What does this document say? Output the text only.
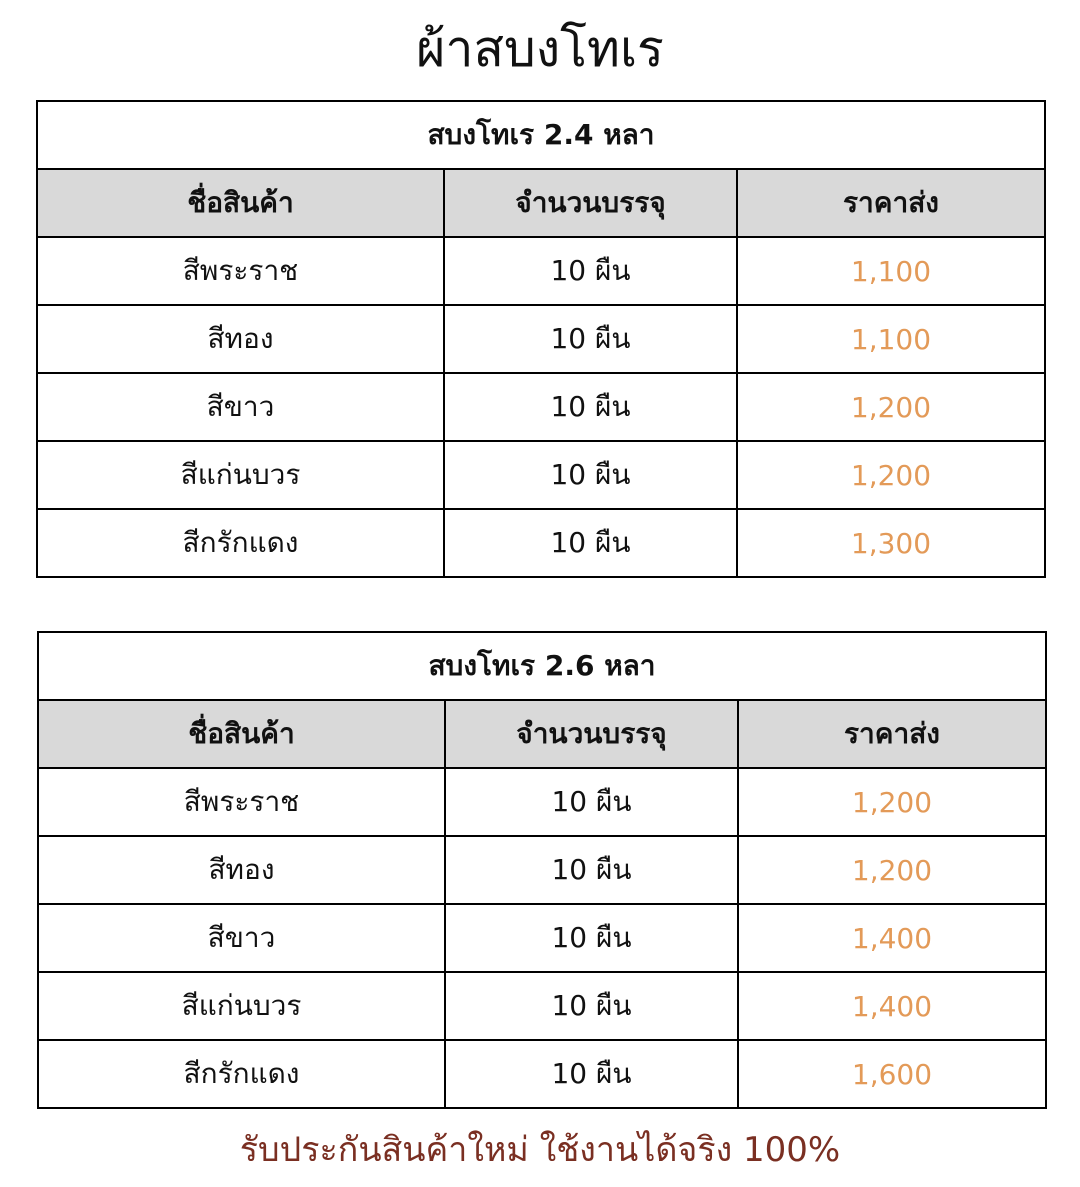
ผ้าสบงโทเร
สบงโทเร 2.4 หลา		
ชื่อสินค้า	จำนวนบรรจุ	ราคาส่ง
สีพระราช	10 ผืน	1,100
สีทอง	10 ผืน	1,100
สีขาว	10 ผืน	1,200
สีแก่นบวร	10 ผืน	1,200
สีกรักแดง	10 ผืน	1,300
สบงโทเร 2.6 หลา		
ชื่อสินค้า	จำนวนบรรจุ	ราคาส่ง
สีพระราช	10 ผืน	1,200
สีทอง	10 ผืน	1,200
สีขาว	10 ผืน	1,400
สีแก่นบวร	10 ผืน	1,400
สีกรักแดง	10 ผืน	1,600
รับประกันสินค้าใหม่ ใช้งานได้จริง 100%
